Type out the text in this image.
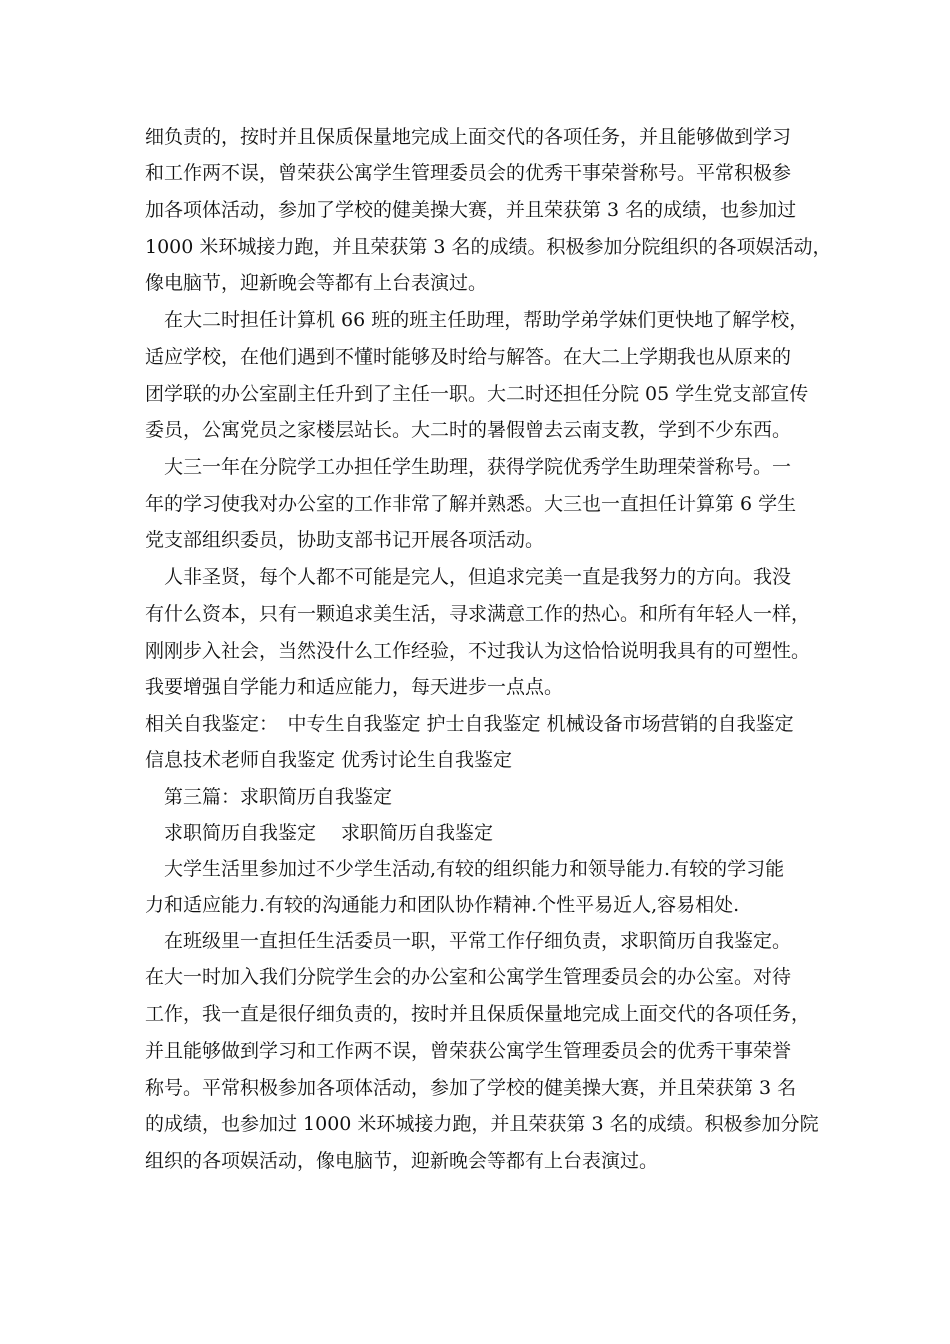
细负责的，按时并且保质保量地完成上面交代的各项任务，并且能够做到学习
和工作两不误，曾荣获公寓学生管理委员会的优秀干事荣誉称号。平常积极参
加各项体活动，参加了学校的健美操大赛，并且荣获第 3 名的成绩，也参加过
1000 米环城接力跑，并且荣获第 3 名的成绩。积极参加分院组织的各项娱活动，
像电脑节，迎新晚会等都有上台表演过。
　在大二时担任计算机 66 班的班主任助理，帮助学弟学妹们更快地了解学校，
适应学校，在他们遇到不懂时能够及时给与解答。在大二上学期我也从原来的
团学联的办公室副主任升到了主任一职。大二时还担任分院 05 学生党支部宣传
委员，公寓党员之家楼层站长。大二时的暑假曾去云南支教，学到不少东西。
　大三一年在分院学工办担任学生助理，获得学院优秀学生助理荣誉称号。一
年的学习使我对办公室的工作非常了解并熟悉。大三也一直担任计算第 6 学生
党支部组织委员，协助支部书记开展各项活动。
　人非圣贤，每个人都不可能是完人，但追求完美一直是我努力的方向。我没
有什么资本，只有一颗追求美生活，寻求满意工作的热心。和所有年轻人一样，
刚刚步入社会，当然没什么工作经验，不过我认为这恰恰说明我具有的可塑性。
我要增强自学能力和适应能力，每天进步一点点。
相关自我鉴定：　中专生自我鉴定 护士自我鉴定 机械设备市场营销的自我鉴定
信息技术老师自我鉴定 优秀讨论生自我鉴定
　第三篇：求职简历自我鉴定
　求职简历自我鉴定　 求职简历自我鉴定
　大学生活里参加过不少学生活动,有较的组织能力和领导能力.有较的学习能
力和适应能力.有较的沟通能力和团队协作精神.个性平易近人,容易相处.
　在班级里一直担任生活委员一职，平常工作仔细负责，求职简历自我鉴定。
在大一时加入我们分院学生会的办公室和公寓学生管理委员会的办公室。对待
工作，我一直是很仔细负责的，按时并且保质保量地完成上面交代的各项任务，
并且能够做到学习和工作两不误，曾荣获公寓学生管理委员会的优秀干事荣誉
称号。平常积极参加各项体活动，参加了学校的健美操大赛，并且荣获第 3 名
的成绩，也参加过 1000 米环城接力跑，并且荣获第 3 名的成绩。积极参加分院
组织的各项娱活动，像电脑节，迎新晚会等都有上台表演过。
